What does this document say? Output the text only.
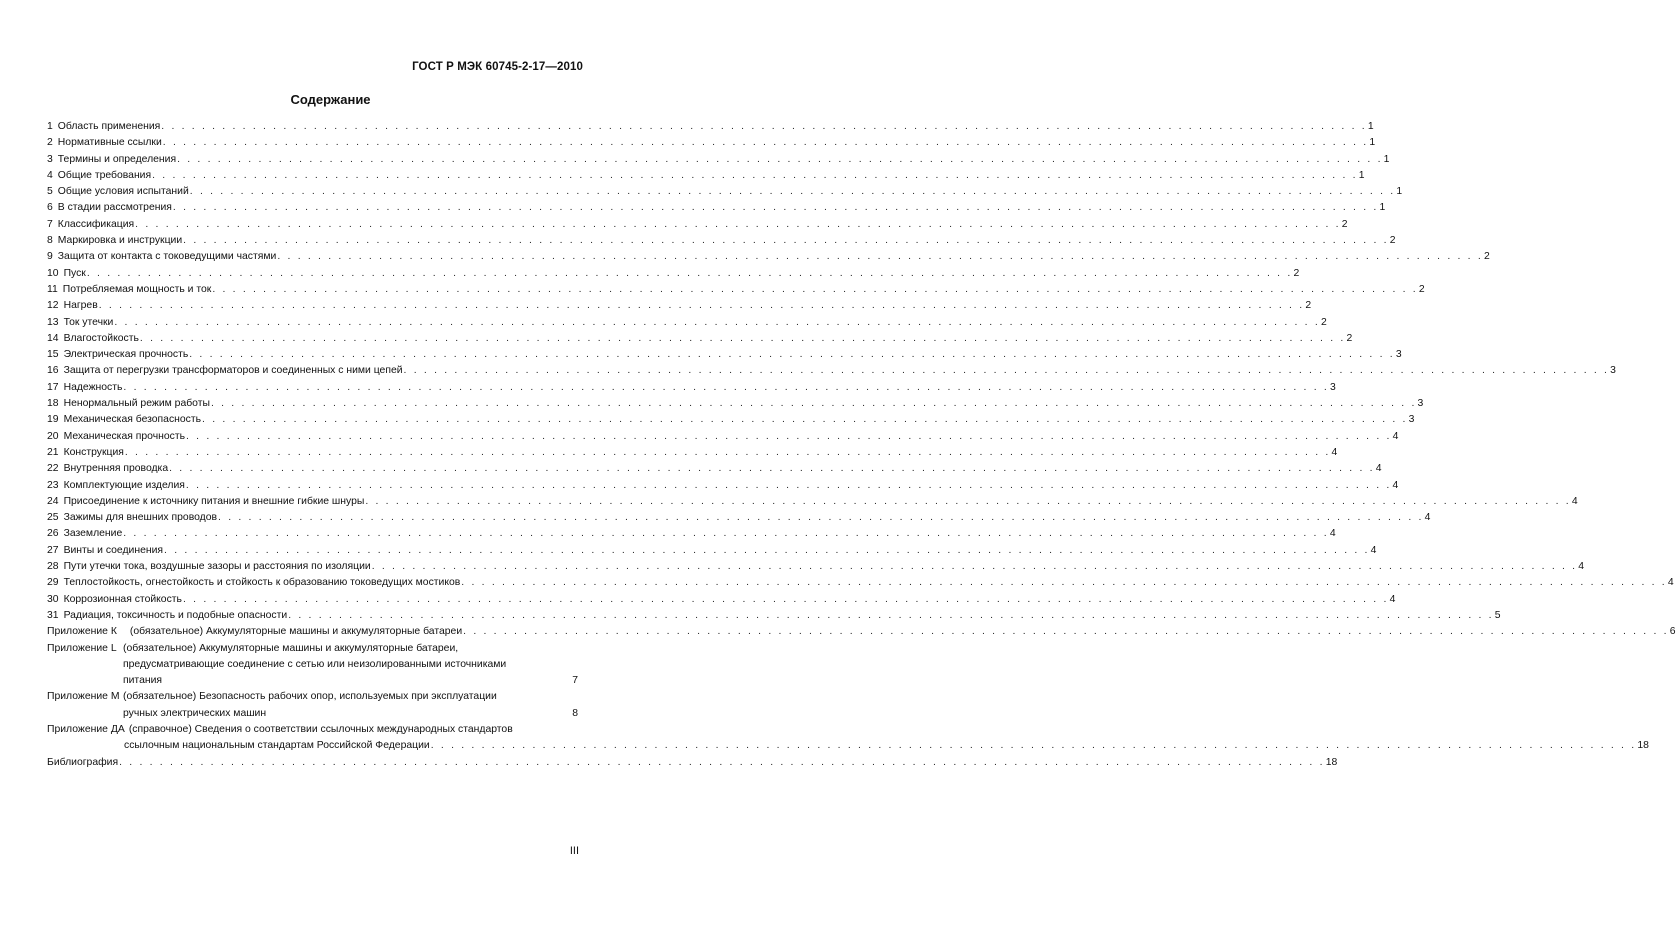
ГОСТ Р МЭК 60745-2-17—2010
Содержание
1 Область применения . . .	1
2 Нормативные ссылки . . .	1
3 Термины и определения . . .	1
4 Общие требования . . .	1
5 Общие условия испытаний . . .	1
6 В стадии рассмотрения . . .	1
7 Классификация . . .	2
8 Маркировка и инструкции . . .	2
9 Защита от контакта с токоведущими частями . . .	2
10 Пуск . . .	2
11 Потребляемая мощность и ток . . .	2
12 Нагрев . . .	2
13 Ток утечки . . .	2
14 Влагостойкость . . .	2
15 Электрическая прочность . . .	3
16 Защита от перегрузки трансформаторов и соединенных с ними цепей . . .	3
17 Надежность . . .	3
18 Ненормальный режим работы . . .	3
19 Механическая безопасность . . .	3
20 Механическая прочность . . .	4
21 Конструкция . . .	4
22 Внутренняя проводка . . .	4
23 Комплектующие изделия . . .	4
24 Присоединение к источнику питания и внешние гибкие шнуры . . .	4
25 Зажимы для внешних проводов . . .	4
26 Заземление . . .	4
27 Винты и соединения . . .	4
28 Пути утечки тока, воздушные зазоры и расстояния по изоляции . . .	4
29 Теплостойкость, огнестойкость и стойкость к образованию токоведущих мостиков . . .	4
30 Коррозионная стойкость . . .	4
31 Радиация, токсичность и подобные опасности . . .	5
Приложение К (обязательное) Аккумуляторные машины и аккумуляторные батареи . . .	6
Приложение L (обязательное) Аккумуляторные машины и аккумуляторные батареи,
предусматривающие соединение с сетью или неизолированными источниками
питания	7
Приложение М (обязательное) Безопасность рабочих опор, используемых при эксплуатации
ручных электрических машин	8
Приложение ДА (справочное) Сведения о соответствии ссылочных международных стандартов
ссылочным национальным стандартам Российской Федерации . . .	18
Библиография . . .	18
III
